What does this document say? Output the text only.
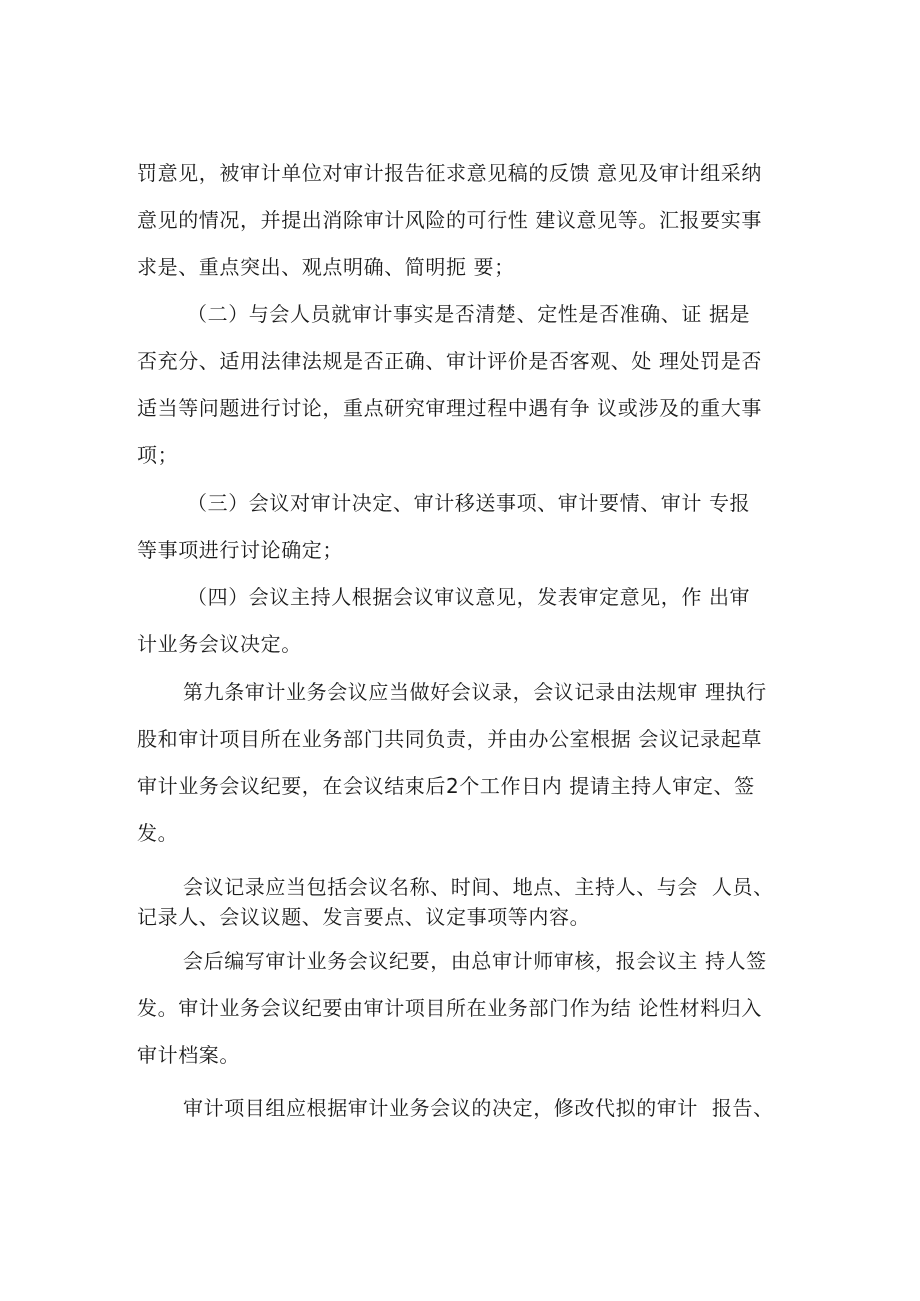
罚意见，被审计单位对审计报告征求意见稿的反馈 意见及审计组采纳
意见的情况，并提出消除审计风险的可行性 建议意见等。汇报要实事
求是、重点突出、观点明确、简明扼 要；
（二）与会人员就审计事实是否清楚、定性是否准确、证 据是
否充分、适用法律法规是否正确、审计评价是否客观、处 理处罚是否
适当等问题进行讨论，重点研究审理过程中遇有争 议或涉及的重大事
项；
（三）会议对审计决定、审计移送事项、审计要情、审计 专报
等事项进行讨论确定；
（四）会议主持人根据会议审议意见，发表审定意见，作 出审
计业务会议决定。
第九条审计业务会议应当做好会议录，会议记录由法规审 理执行
股和审计项目所在业务部门共同负责，并由办公室根据 会议记录起草
审计业务会议纪要，在会议结束后2个工作日内 提请主持人审定、签
发。
会议记录应当包括会议名称、时间、地点、主持人、与会  人员、
记录人、会议议题、发言要点、议定事项等内容。
会后编写审计业务会议纪要，由总审计师审核，报会议主 持人签
发。审计业务会议纪要由审计项目所在业务部门作为结 论性材料归入
审计档案。
审计项目组应根据审计业务会议的决定，修改代拟的审计  报告、
